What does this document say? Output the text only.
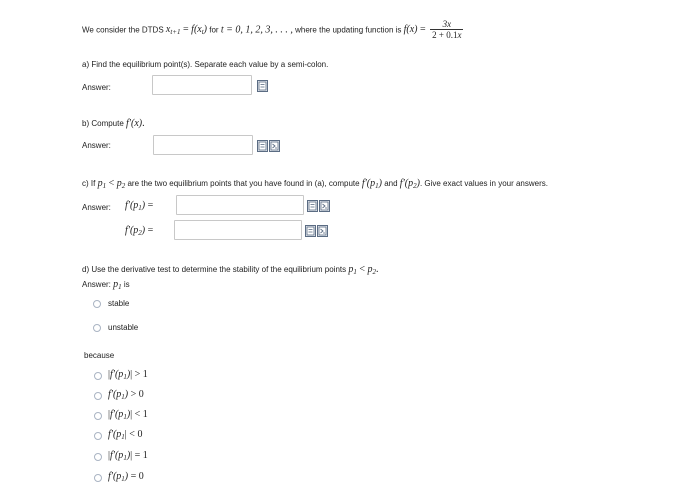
We consider the DTDS $x_{t+1} = f(x_t)$ for t = 0, 1, 2, 3, . . . , where the updating function is $f(x) = \frac{3x}{2 + 0.1x}$
a) Find the equilibrium point(s). Separate each value by a semi-colon.
Answer:
b) Compute f′(x).
Answer:
c) If $p_1 < p_2$ are the two equilibrium points that you have found in (a), compute $f'(p_1)$ and $f'(p_2)$. Give exact values in your answers.
Answer: $f'(p_1)$ =
$f'(p_2)$ =
d) Use the derivative test to determine the stability of the equilibrium points $p_1 < p_2$.
Answer: $p_1$ is
stable
unstable
because
$|f'(p_1)| > 1$
$f'(p_1) > 0$
$|f'(p_1)| < 1$
$f'(p_1| < 0$
$|f'(p_1)| = 1$
$f'(p_1) = 0$
